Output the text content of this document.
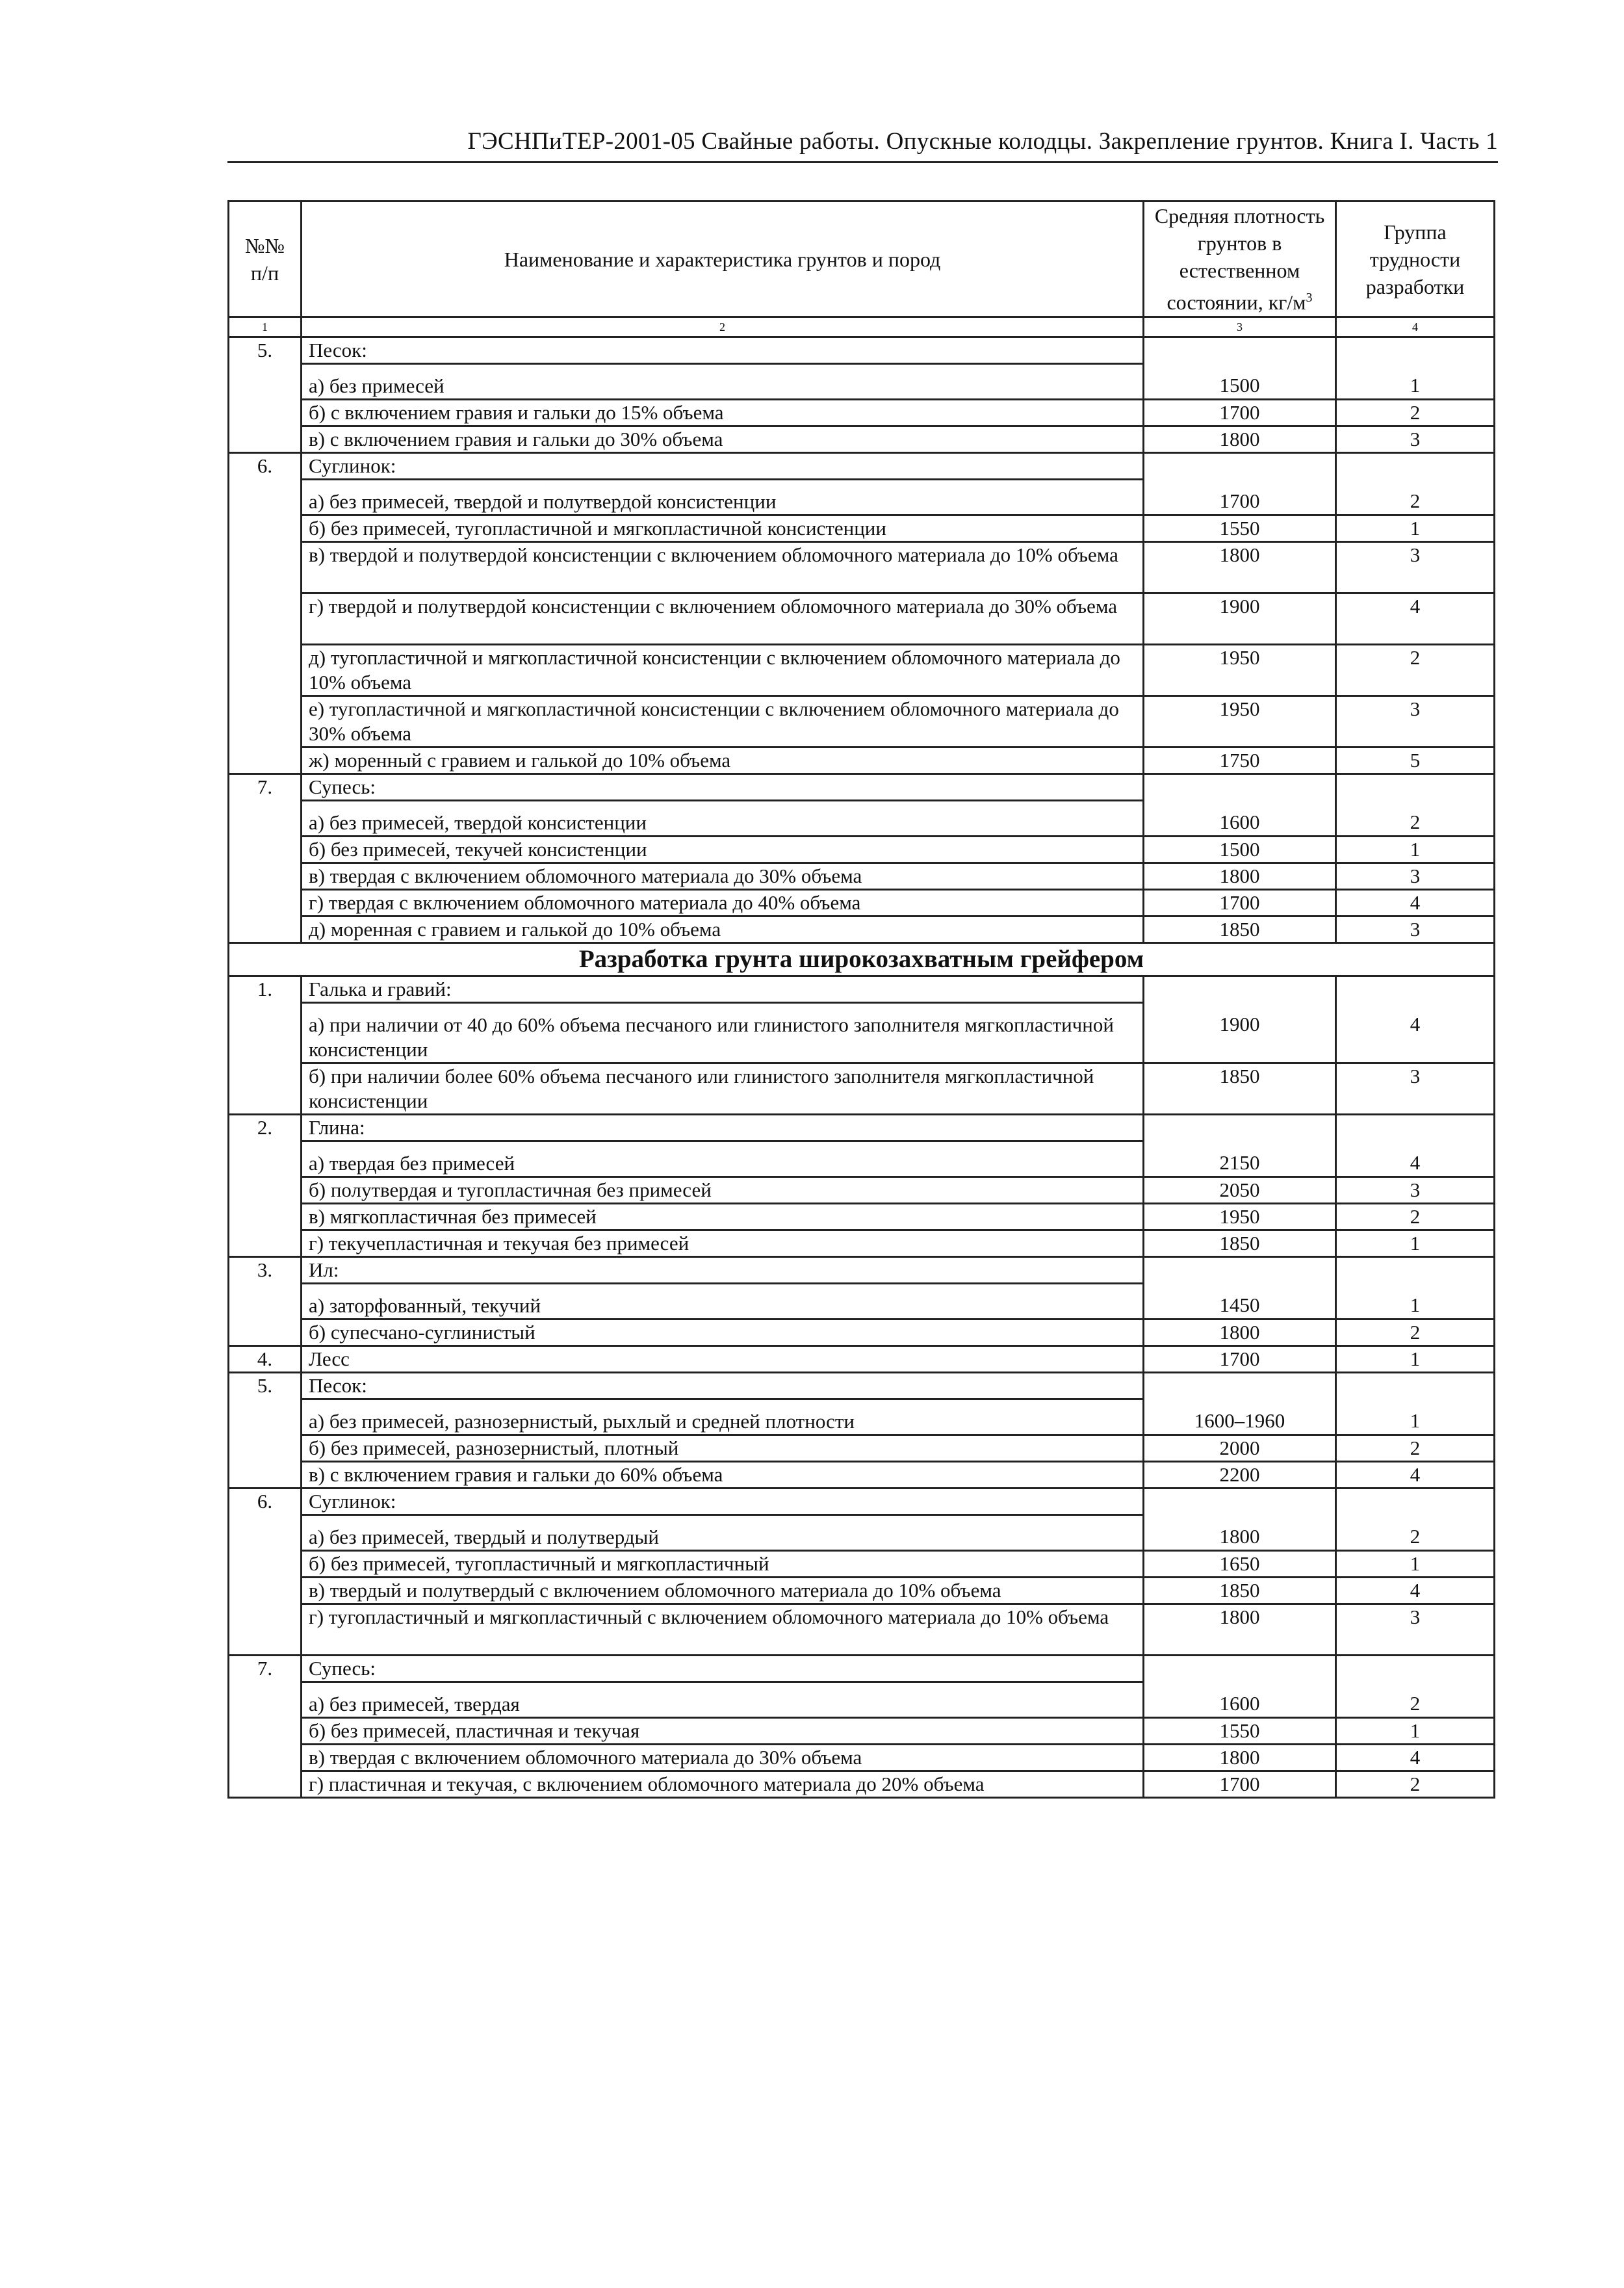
ГЭСНПиТЕР-2001-05 Свайные работы. Опускные колодцы. Закрепление грунтов. Книга I. Часть 1
№№ п/п	Наименование и характеристика грунтов и пород	Средняя плотность грунтов в естественном состоянии, $кг/м^3$	Группа трудности разработки
1	2	3	4
5.	Песок:		
	а) без примесей	1500	1
	б) с включением гравия и гальки до 15% объема	1700	2
	в) с включением гравия и гальки до 30% объема	1800	3
6.	Суглинок:		
	а) без примесей, твердой и полутвердой консистенции	1700	2
	б) без примесей, тугопластичной и мягкопластичной консистенции	1550	1
	в) твердой и полутвердой консистенции с включением обломочного материала до 10% объема	1800	3
	г) твердой и полутвердой консистенции с включением обломочного материала до 30% объема	1900	4
	д) тугопластичной и мягкопластичной консистенции с включением обломочного материала до 10% объема	1950	2
	е) тугопластичной и мягкопластичной консистенции с включением обломочного материала до 30% объема	1950	3
	ж) моренный с гравием и галькой до 10% объема	1750	5
7.	Супесь:		
	а) без примесей, твердой консистенции	1600	2
	б) без примесей, текучей консистенции	1500	1
	в) твердая с включением обломочного материала до 30% объема	1800	3
	г) твердая с включением обломочного материала до 40% объема	1700	4
	д) моренная с гравием и галькой до 10% объема	1850	3
Разработка грунта широкозахватным грейфером			
1.	Галька и гравий:		
	а) при наличии от 40 до 60% объема песчаного или глинистого заполнителя мягкопластичной консистенции	1900	4
	б) при наличии более 60% объема песчаного или глинистого заполнителя мягкопластичной консистенции	1850	3
2.	Глина:		
	а) твердая без примесей	2150	4
	б) полутвердая и тугопластичная без примесей	2050	3
	в) мягкопластичная без примесей	1950	2
	г) текучепластичная и текучая без примесей	1850	1
3.	Ил:		
	а) заторфованный, текучий	1450	1
	б) супесчано-суглинистый	1800	2
4.	Лесс	1700	1
5.	Песок:		
	а) без примесей, разнозернистый, рыхлый и средней плотности	1600–1960	1
	б) без примесей, разнозернистый, плотный	2000	2
	в) с включением гравия и гальки до 60% объема	2200	4
6.	Суглинок:		
	а) без примесей, твердый и полутвердый	1800	2
	б) без примесей, тугопластичный и мягкопластичный	1650	1
	в) твердый и полутвердый с включением обломочного материала до 10% объема	1850	4
	г) тугопластичный и мягкопластичный с включением обломочного материала до 10% объема	1800	3
7.	Супесь:		
	а) без примесей, твердая	1600	2
	б) без примесей, пластичная и текучая	1550	1
	в) твердая с включением обломочного материала до 30% объема	1800	4
	г) пластичная и текучая, с включением обломочного материала до 20% объема	1700	2
